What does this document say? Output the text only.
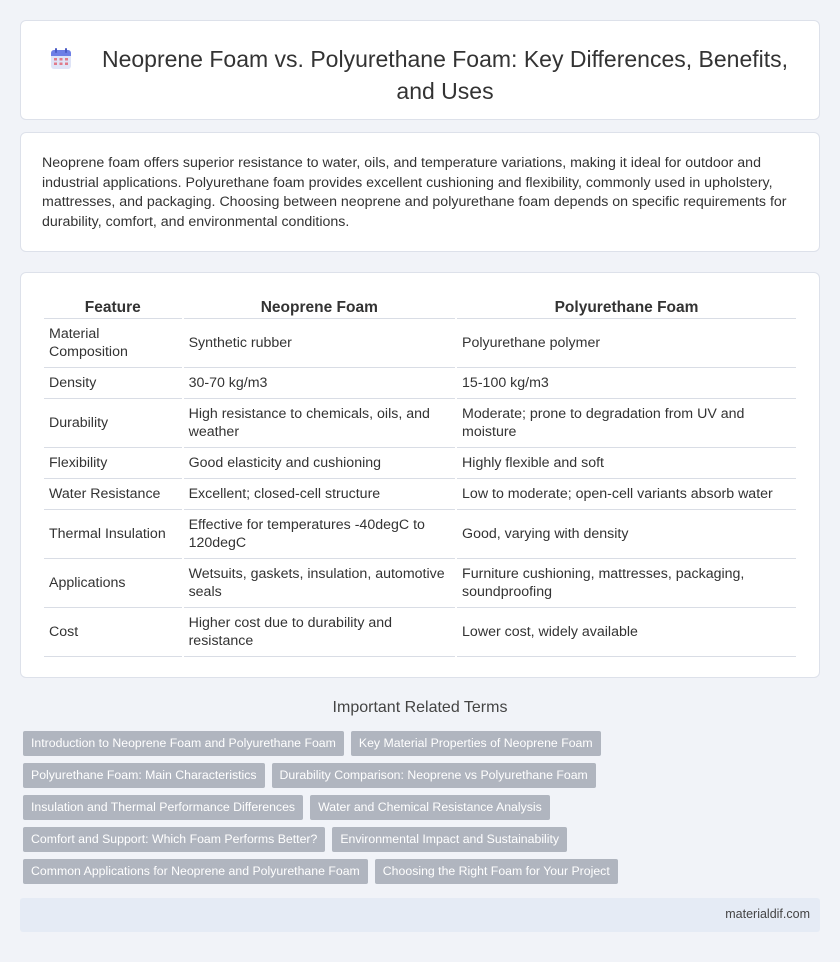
Neoprene Foam vs. Polyurethane Foam: Key Differences, Benefits, and Uses

Neoprene foam offers superior resistance to water, oils, and temperature variations, making it ideal for outdoor and industrial applications. Polyurethane foam provides excellent cushioning and flexibility, commonly used in upholstery, mattresses, and packaging. Choosing between neoprene and polyurethane foam depends on specific requirements for durability, comfort, and environmental conditions.

Feature	Neoprene Foam	Polyurethane Foam
Material Composition	Synthetic rubber	Polyurethane polymer
Density	30-70 kg/m3	15-100 kg/m3
Durability	High resistance to chemicals, oils, and weather	Moderate; prone to degradation from UV and moisture
Flexibility	Good elasticity and cushioning	Highly flexible and soft
Water Resistance	Excellent; closed-cell structure	Low to moderate; open-cell variants absorb water
Thermal Insulation	Effective for temperatures -40degC to 120degC	Good, varying with density
Applications	Wetsuits, gaskets, insulation, automotive seals	Furniture cushioning, mattresses, packaging, soundproofing
Cost	Higher cost due to durability and resistance	Lower cost, widely available
Important Related Terms
Introduction to Neoprene Foam and Polyurethane Foam	Key Material Properties of Neoprene Foam
Polyurethane Foam: Main Characteristics	Durability Comparison: Neoprene vs Polyurethane Foam
Insulation and Thermal Performance Differences	Water and Chemical Resistance Analysis
Comfort and Support: Which Foam Performs Better?	Environmental Impact and Sustainability
Common Applications for Neoprene and Polyurethane Foam	Choosing the Right Foam for Your Project
materialdif.com
